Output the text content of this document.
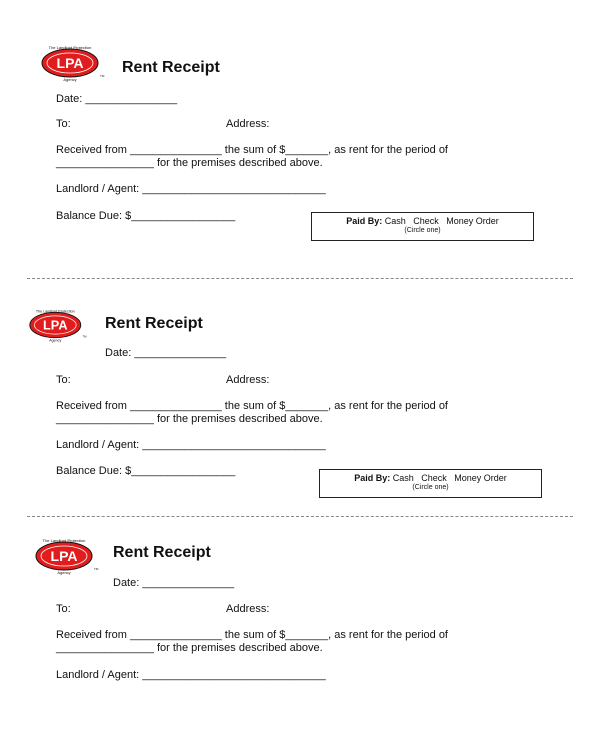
LPA
The Landlord Protection
Agency
TM Rent Receipt
Date: _______________
To:	Address:
Received from _______________ the sum of $_______, as rent for the period of
________________ for the premises described above.
Landlord / Agent: ______________________________
Balance Due: $_________________	Paid By: Cash   Check   Money Order
(Circle one)
LPA
The Landlord Protection
Agency
TM
Rent Receipt
Date: _______________
To:	Address:
Received from _______________ the sum of $_______, as rent for the period of
________________ for the premises described above.
Landlord / Agent: ______________________________
Balance Due: $_________________
Paid By: Cash   Check   Money Order
(Circle one)
LPA
The Landlord Protection
Agency
TM
Rent Receipt
Date: _______________
To:	Address:
Received from _______________ the sum of $_______, as rent for the period of
________________ for the premises described above.
Landlord / Agent: ______________________________
